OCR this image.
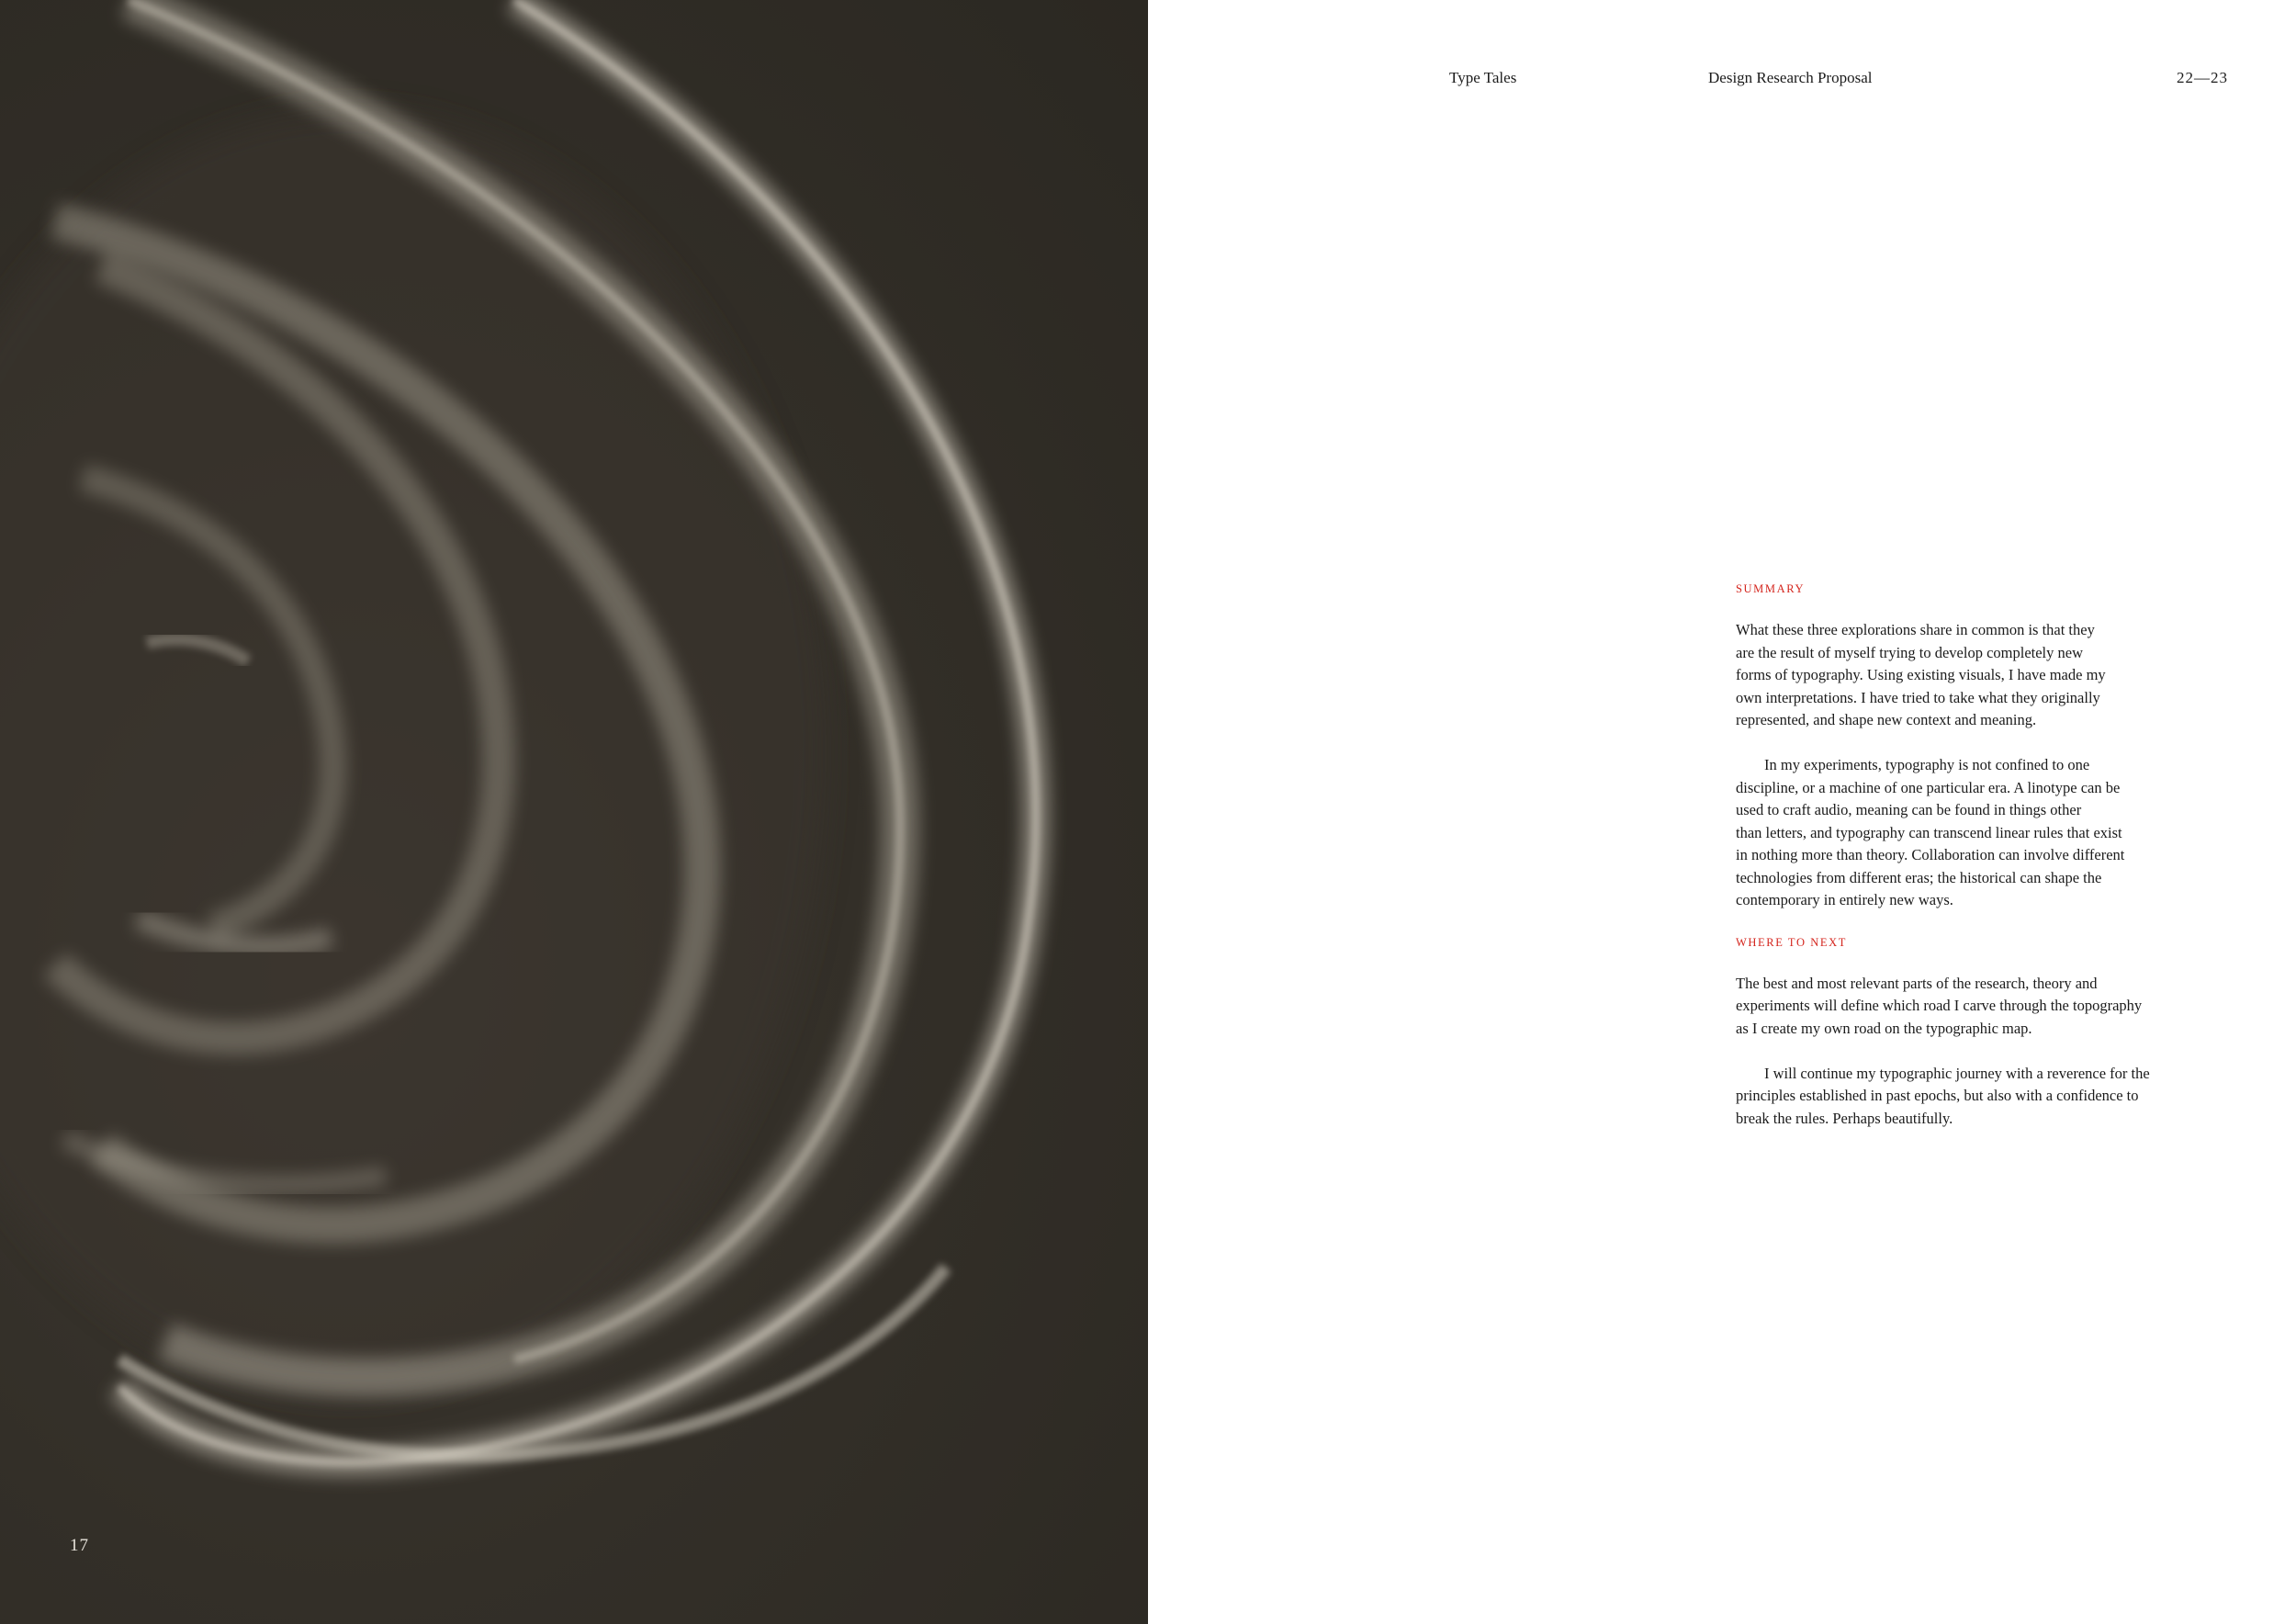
17
Type Tales	Design Research Proposal	22—23
SUMMARY

What these three explorations share in common is that they
are the result of myself trying to develop completely new
forms of typography. Using existing visuals, I have made my
own interpretations. I have tried to take what they originally
represented, and shape new context and meaning.

In my experiments, typography is not confined to one
discipline, or a machine of one particular era. A linotype can be
used to craft audio, meaning can be found in things other
than letters, and typography can transcend linear rules that exist
in nothing more than theory. Collaboration can involve different
technologies from different eras; the historical can shape the
contemporary in entirely new ways.

WHERE TO NEXT

The best and most relevant parts of the research, theory and
experiments will define which road I carve through the topography
as I create my own road on the typographic map.

I will continue my typographic journey with a reverence for the
principles established in past epochs, but also with a confidence to
break the rules. Perhaps beautifully.
